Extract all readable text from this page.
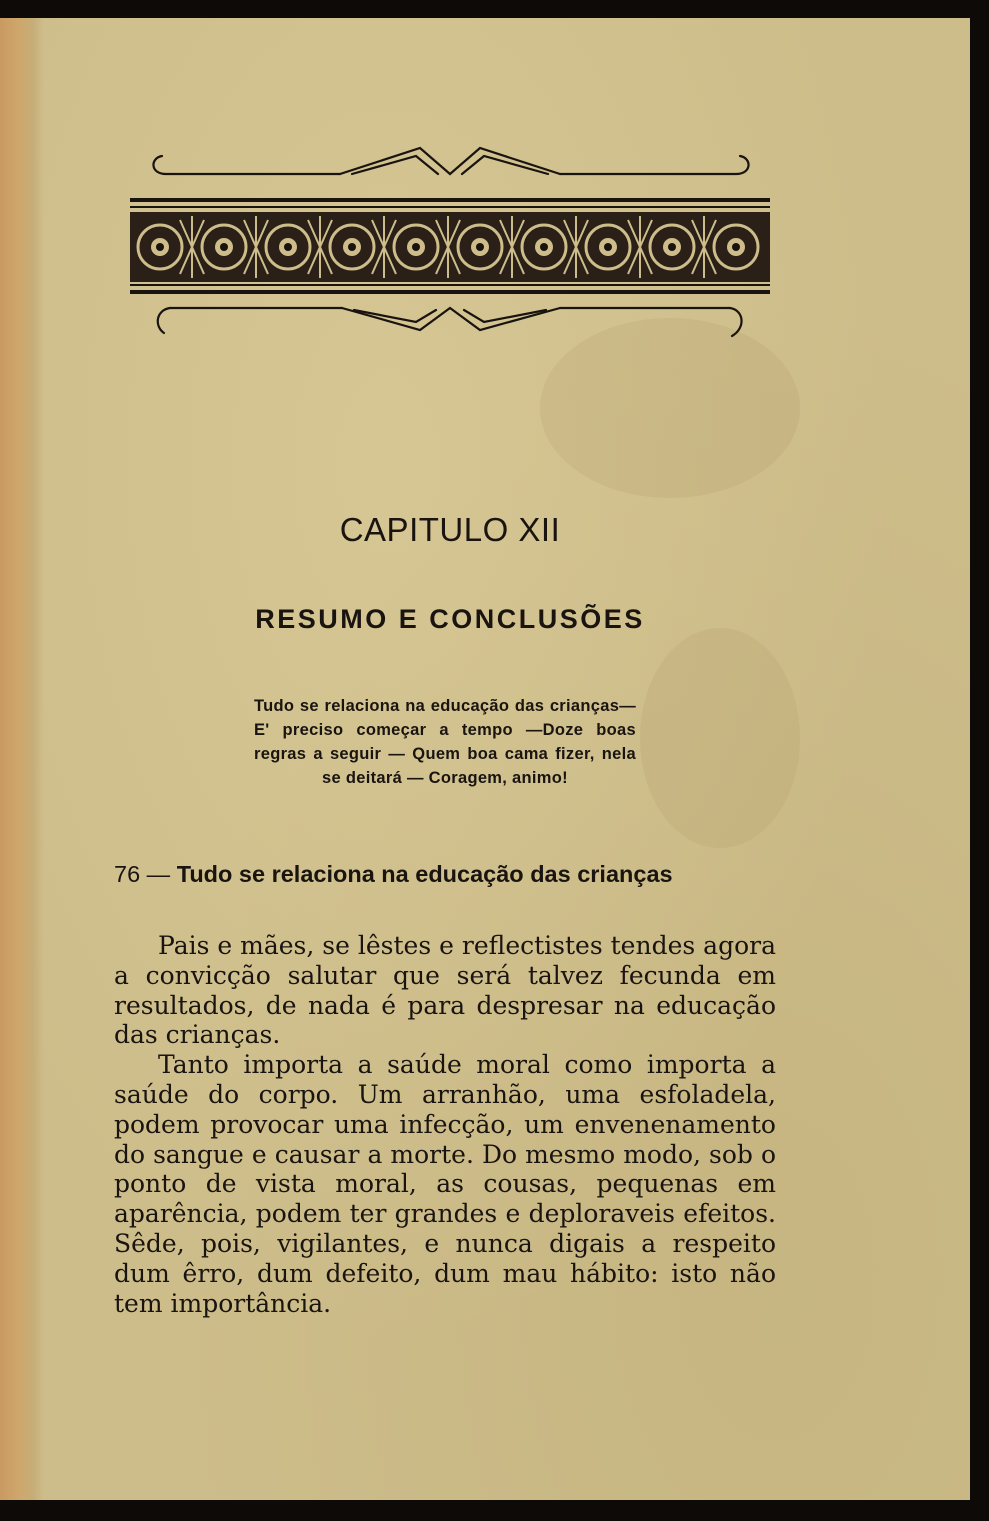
CAPITULO XII
RESUMO E CONCLUSÕES
Tudo se relaciona na educação das crianças—E' preciso começar a tempo —Doze boas regras a seguir — Quem boa cama fizer, nela se deitará — Coragem, animo!
76 — Tudo se relaciona na educação das crianças

Pais e mães, se lêstes e reflectistes tendes agora a convicção salutar que será talvez fecunda em resultados, de nada é para despresar na educação das crianças.

Tanto importa a saúde moral como importa a saúde do corpo. Um arranhão, uma esfoladela, podem provocar uma infecção, um envenenamento do sangue e causar a morte. Do mesmo modo, sob o ponto de vista moral, as cousas, pequenas em aparência, podem ter grandes e deploraveis efeitos. Sêde, pois, vigilantes, e nunca digais a respeito dum êrro, dum defeito, dum mau hábito: isto não tem importância.
